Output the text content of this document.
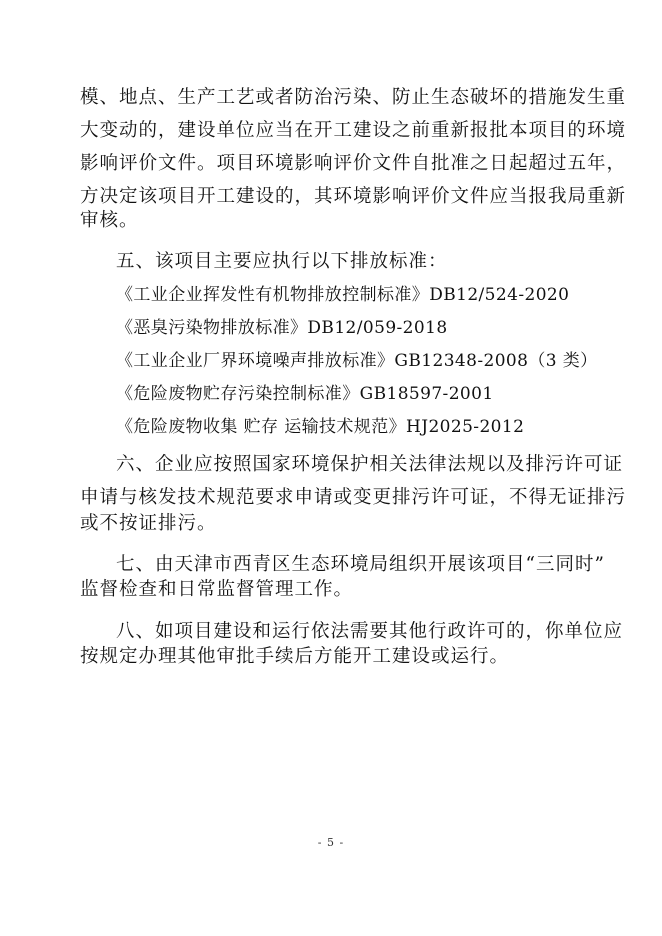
模、地点、生产工艺或者防治污染、防止生态破坏的措施发生重
大变动的，建设单位应当在开工建设之前重新报批本项目的环境
影响评价文件。项目环境影响评价文件自批准之日起超过五年，
方决定该项目开工建设的，其环境影响评价文件应当报我局重新
审核。
五、该项目主要应执行以下排放标准：
《工业企业挥发性有机物排放控制标准》DB12/524-2020
《恶臭污染物排放标准》DB12/059-2018
《工业企业厂界环境噪声排放标准》GB12348-2008（3 类）
《危险废物贮存污染控制标准》GB18597-2001
《危险废物收集 贮存 运输技术规范》HJ2025-2012
六、企业应按照国家环境保护相关法律法规以及排污许可证
申请与核发技术规范要求申请或变更排污许可证，不得无证排污
或不按证排污。
七、由天津市西青区生态环境局组织开展该项目“三同时”
监督检查和日常监督管理工作。
八、如项目建设和运行依法需要其他行政许可的，你单位应
按规定办理其他审批手续后方能开工建设或运行。
- 5 -
